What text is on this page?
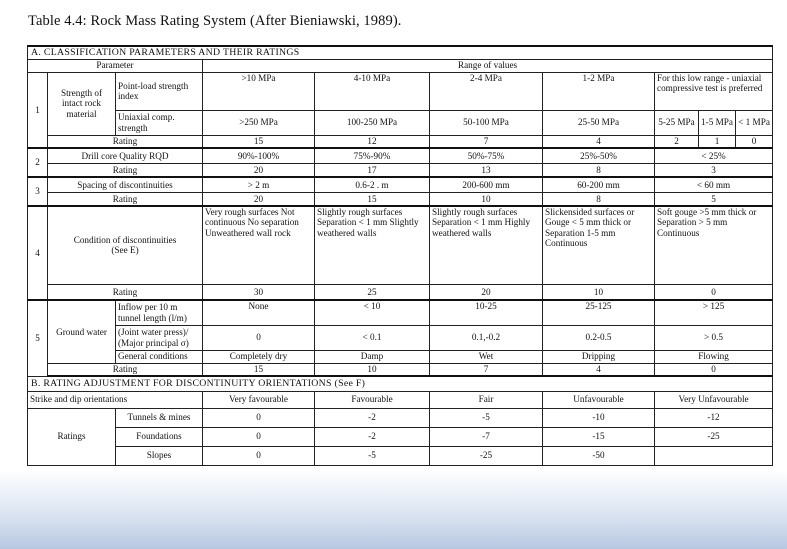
Table 4.4: Rock Mass Rating System (After Bieniawski, 1989).
A. CLASSIFICATION PARAMETERS AND THEIR RATINGS									
Parameter			Range of values						
1	Strength of intact rock material	Point-load strength index	>10 MPa	4-10 MPa	2-4 MPa	1-2 MPa	For this low range - uniaxial compressive test is preferred		
		Uniaxial comp. strength	>250 MPa	100-250 MPa	50-100 MPa	25-50 MPa	5-25 MPa	1-5 MPa	< 1 MPa
	Rating		15	12	7	4	2	1	0
2	Drill core Quality RQD		90%-100%	75%-90%	50%-75%	25%-50%	< 25%		
	Rating		20	17	13	8	3		
3	Spacing of discontinuities		> 2 m	0.6-2 . m	200-600 mm	60-200 mm	< 60 mm		
	Rating		20	15	10	8	5		
4	Condition of discontinuities (See E)		Very rough surfaces Not continuous No separation Unweathered wall rock	Slightly rough surfaces Separation < 1 mm Slightly weathered walls	Slightly rough surfaces Separation < 1 mm Highly weathered walls	Slickensided surfaces or Gouge < 5 mm thick or Separation 1-5 mm Continuous	Soft gouge >5 mm thick or Separation > 5 mm Continuous		
	Rating		30	25	20	10	0		
5	Ground water	Inflow per 10 m tunnel length (l/m)	None	< 10	10-25	25-125	> 125		
		(Joint water press)/ (Major principal σ)	0	< 0.1	0.1,-0.2	0.2-0.5	> 0.5		
		General conditions	Completely dry	Damp	Wet	Dripping	Flowing		
	Rating		15	10	7	4	0		
B. RATING ADJUSTMENT FOR DISCONTINUITY ORIENTATIONS (See F)									
Strike and dip orientations			Very favourable	Favourable	Fair	Unfavourable	Very Unfavourable		
Ratings		Tunnels & mines	0	-2	-5	-10	-12		
		Foundations	0	-2	-7	-15	-25		
		Slopes	0	-5	-25	-50			
